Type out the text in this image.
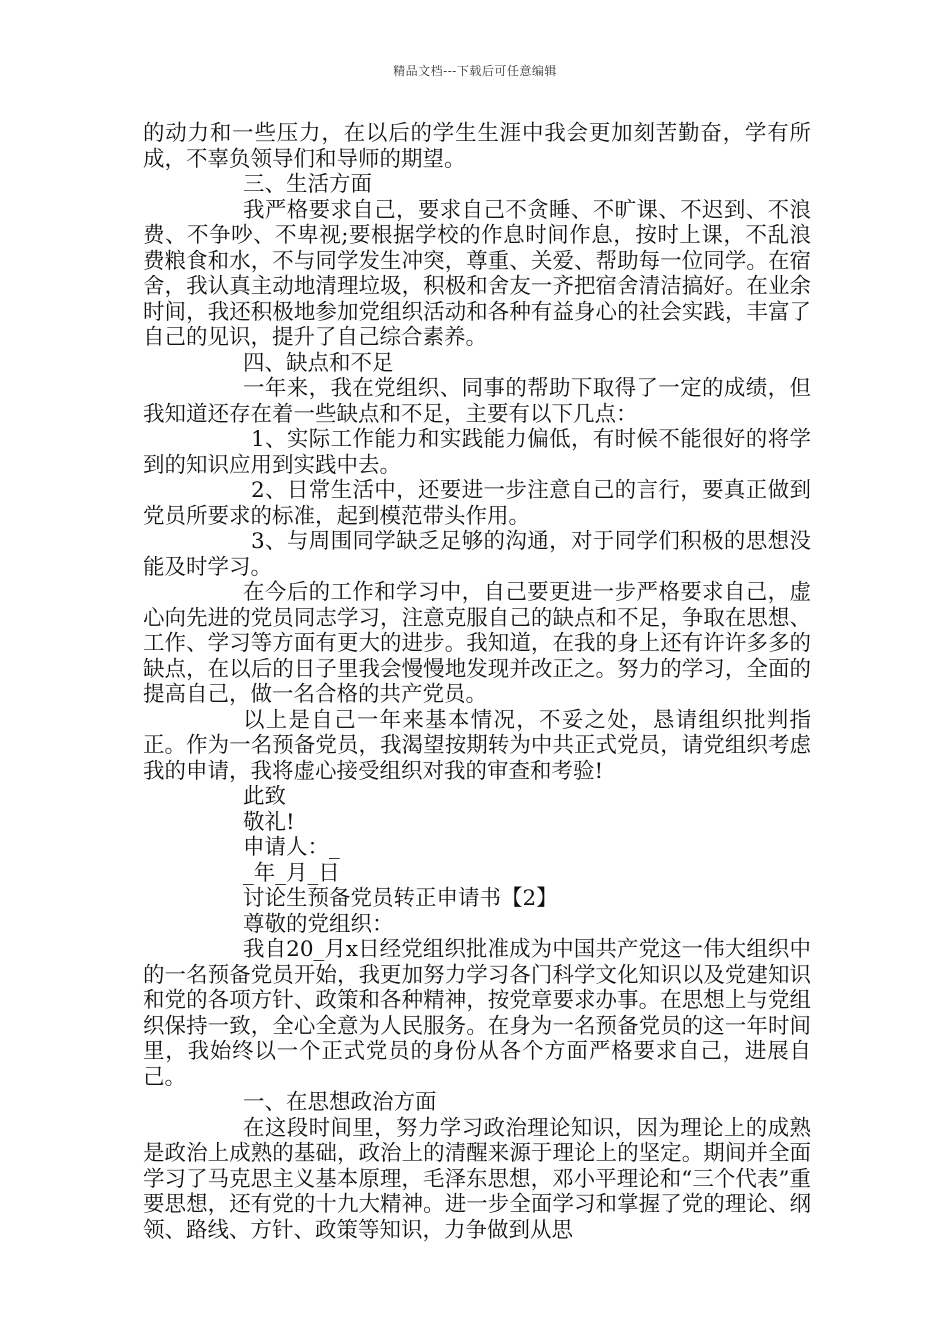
精品文档---下载后可任意编辑

的动力和一些压力，在以后的学生生涯中我会更加刻苦勤奋，学有所成，不辜负领导们和导师的期望。

三、生活方面

我严格要求自己，要求自己不贪睡、不旷课、不迟到、不浪费、不争吵、不卑视;要根据学校的作息时间作息，按时上课，不乱浪费粮食和水，不与同学发生冲突，尊重、关爱、帮助每一位同学。在宿舍，我认真主动地清理垃圾，积极和舍友一齐把宿舍清洁搞好。在业余时间，我还积极地参加党组织活动和各种有益身心的社会实践，丰富了自己的见识，提升了自己综合素养。

四、缺点和不足

一年来，我在党组织、同事的帮助下取得了一定的成绩，但我知道还存在着一些缺点和不足，主要有以下几点：

1、实际工作能力和实践能力偏低，有时候不能很好的将学到的知识应用到实践中去。

2、日常生活中，还要进一步注意自己的言行，要真正做到党员所要求的标准，起到模范带头作用。

3、与周围同学缺乏足够的沟通，对于同学们积极的思想没能及时学习。

在今后的工作和学习中，自己要更进一步严格要求自己，虚心向先进的党员同志学习，注意克服自己的缺点和不足，争取在思想、工作、学习等方面有更大的进步。我知道，在我的身上还有许许多多的缺点，在以后的日子里我会慢慢地发现并改正之。努力的学习，全面的提高自己，做一名合格的共产党员。

以上是自己一年来基本情况，不妥之处，恳请组织批判指正。作为一名预备党员，我渴望按期转为中共正式党员，请党组织考虑我的申请，我将虚心接受组织对我的审查和考验!

此致

敬礼!

申请人：_

_年_月_日

讨论生预备党员转正申请书【2】

尊敬的党组织：

我自20_月x日经党组织批准成为中国共产党这一伟大组织中的一名预备党员开始，我更加努力学习各门科学文化知识以及党建知识和党的各项方针、政策和各种精神，按党章要求办事。在思想上与党组织保持一致，全心全意为人民服务。在身为一名预备党员的这一年时间里，我始终以一个正式党员的身份从各个方面严格要求自己，进展自己。

一、在思想政治方面

在这段时间里，努力学习政治理论知识，因为理论上的成熟是政治上成熟的基础，政治上的清醒来源于理论上的坚定。期间并全面学习了马克思主义基本原理，毛泽东思想，邓小平理论和“三个代表”重要思想，还有党的十九大精神。进一步全面学习和掌握了党的理论、纲领、路线、方针、政策等知识，力争做到从思
